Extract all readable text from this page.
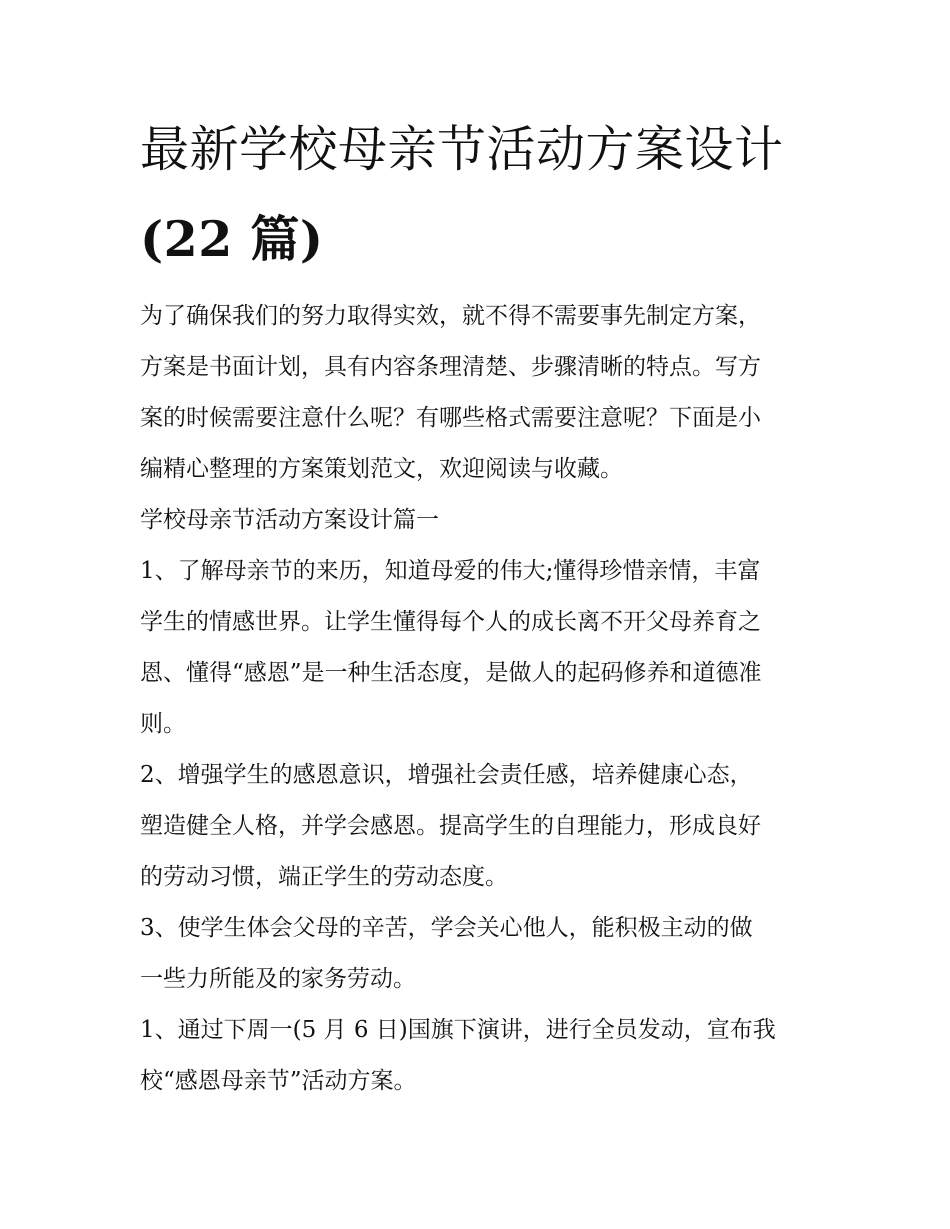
最新学校母亲节活动方案设计
(22 篇)

为了确保我们的努力取得实效，就不得不需要事先制定方案，
方案是书面计划，具有内容条理清楚、步骤清晰的特点。写方
案的时候需要注意什么呢？有哪些格式需要注意呢？下面是小
编精心整理的方案策划范文，欢迎阅读与收藏。

学校母亲节活动方案设计篇一

1、了解母亲节的来历，知道母爱的伟大;懂得珍惜亲情，丰富
学生的情感世界。让学生懂得每个人的成长离不开父母养育之
恩、懂得“感恩”是一种生活态度，是做人的起码修养和道德准
则。

2、增强学生的感恩意识，增强社会责任感，培养健康心态，
塑造健全人格，并学会感恩。提高学生的自理能力，形成良好
的劳动习惯，端正学生的劳动态度。

3、使学生体会父母的辛苦，学会关心他人，能积极主动的做
一些力所能及的家务劳动。

1、通过下周一(5 月 6 日)国旗下演讲，进行全员发动，宣布我
校“感恩母亲节”活动方案。
